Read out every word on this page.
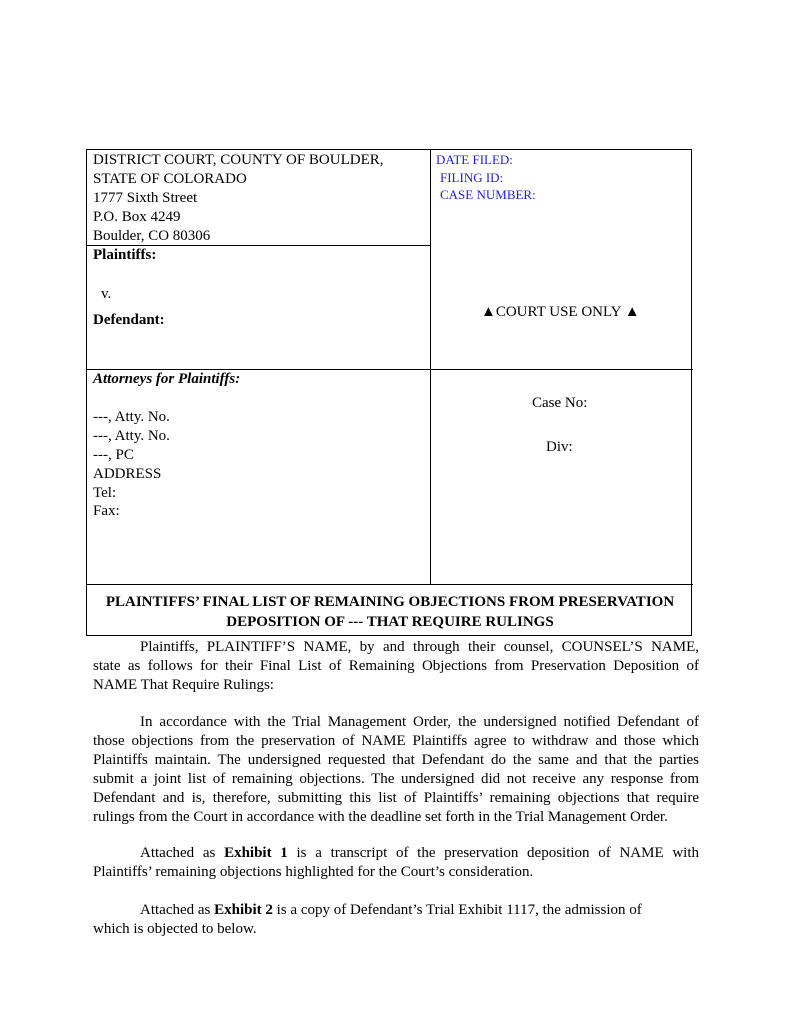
DISTRICT COURT, COUNTY OF BOULDER,
STATE OF COLORADO
1777 Sixth Street
P.O. Box 4249
Boulder, CO 80306
DATE FILED:
FILING ID:
CASE NUMBER:
Plaintiffs:
v.
Defendant:	▲COURT USE ONLY ▲
Attorneys for Plaintiffs:
---, Atty. No.
---, Atty. No.
---, PC
ADDRESS
Tel:
Fax:
Case No:
Div:
PLAINTIFFS’ FINAL LIST OF REMAINING OBJECTIONS FROM PRESERVATION
DEPOSITION OF --- THAT REQUIRE RULINGS
Plaintiffs, PLAINTIFF’S NAME, by and through their counsel, COUNSEL’S NAME,
state as follows for their Final List of Remaining Objections from Preservation Deposition of
NAME That Require Rulings:
In accordance with the Trial Management Order, the undersigned notified Defendant of
those objections from the preservation of NAME Plaintiffs agree to withdraw and those which
Plaintiffs maintain. The undersigned requested that Defendant do the same and that the parties
submit a joint list of remaining objections. The undersigned did not receive any response from
Defendant and is, therefore, submitting this list of Plaintiffs’ remaining objections that require
rulings from the Court in accordance with the deadline set forth in the Trial Management Order.
Attached as Exhibit 1 is a transcript of the preservation deposition of NAME with
Plaintiffs’ remaining objections highlighted for the Court’s consideration.
Attached as Exhibit 2 is a copy of Defendant’s Trial Exhibit 1117, the admission of
which is objected to below.
